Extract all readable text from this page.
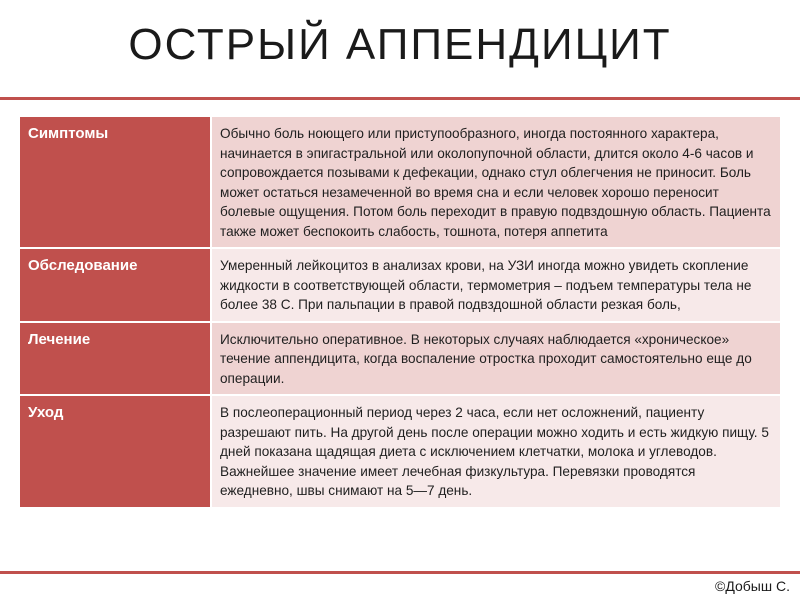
ОСТРЫЙ АППЕНДИЦИТ
Симптомы	Обычно боль ноющего или приступообразного, иногда постоянного характера, начинается в эпигастральной или околопупочной области, длится около 4-6 часов и сопровождается позывами к дефекации, однако стул облегчения не приносит. Боль может остаться незамеченной во время сна и если человек хорошо переносит болевые ощущения. Потом боль переходит в правую подвздошную область. Пациента также может беспокоить слабость, тошнота, потеря аппетита
Обследование	Умеренный лейкоцитоз в анализах крови, на УЗИ иногда можно увидеть скопление жидкости в соответствующей области, термометрия – подъем температуры тела не более 38 С. При пальпации в правой подвздошной области резкая боль,
Лечение	Исключительно оперативное. В некоторых случаях наблюдается «хроническое» течение аппендицита, когда воспаление отростка проходит самостоятельно еще до операции.
Уход	В послеоперационный период через 2 часа, если нет осложнений, пациенту разрешают пить. На другой день после операции можно ходить и есть жидкую пищу. 5 дней показана щадящая диета с исключением клетчатки, молока и углеводов. Важнейшее значение имеет лечебная физкультура. Перевязки проводятся ежедневно, швы снимают на 5—7 день.
©Добыш С.
